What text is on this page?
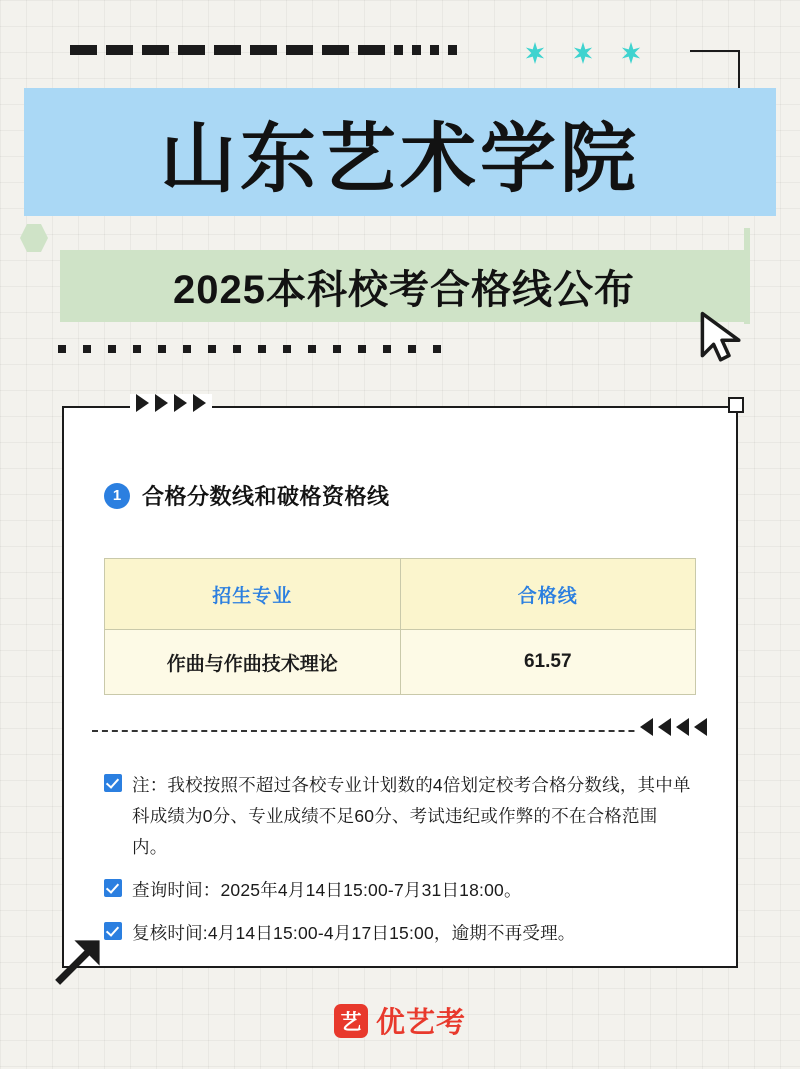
山东艺术学院
2025本科校考合格线公布
1 合格分数线和破格资格线
招生专业	合格线
作曲与作曲技术理论	61.57
注：我校按照不超过各校专业计划数的4倍划定校考合格分数线，其中单科成绩为0分、专业成绩不足60分、考试违纪或作弊的不在合格范围内。
查询时间：2025年4月14日15:00-7月31日18:00。
复核时间:4月14日15:00-4月17日15:00，逾期不再受理。
艺 优艺考
